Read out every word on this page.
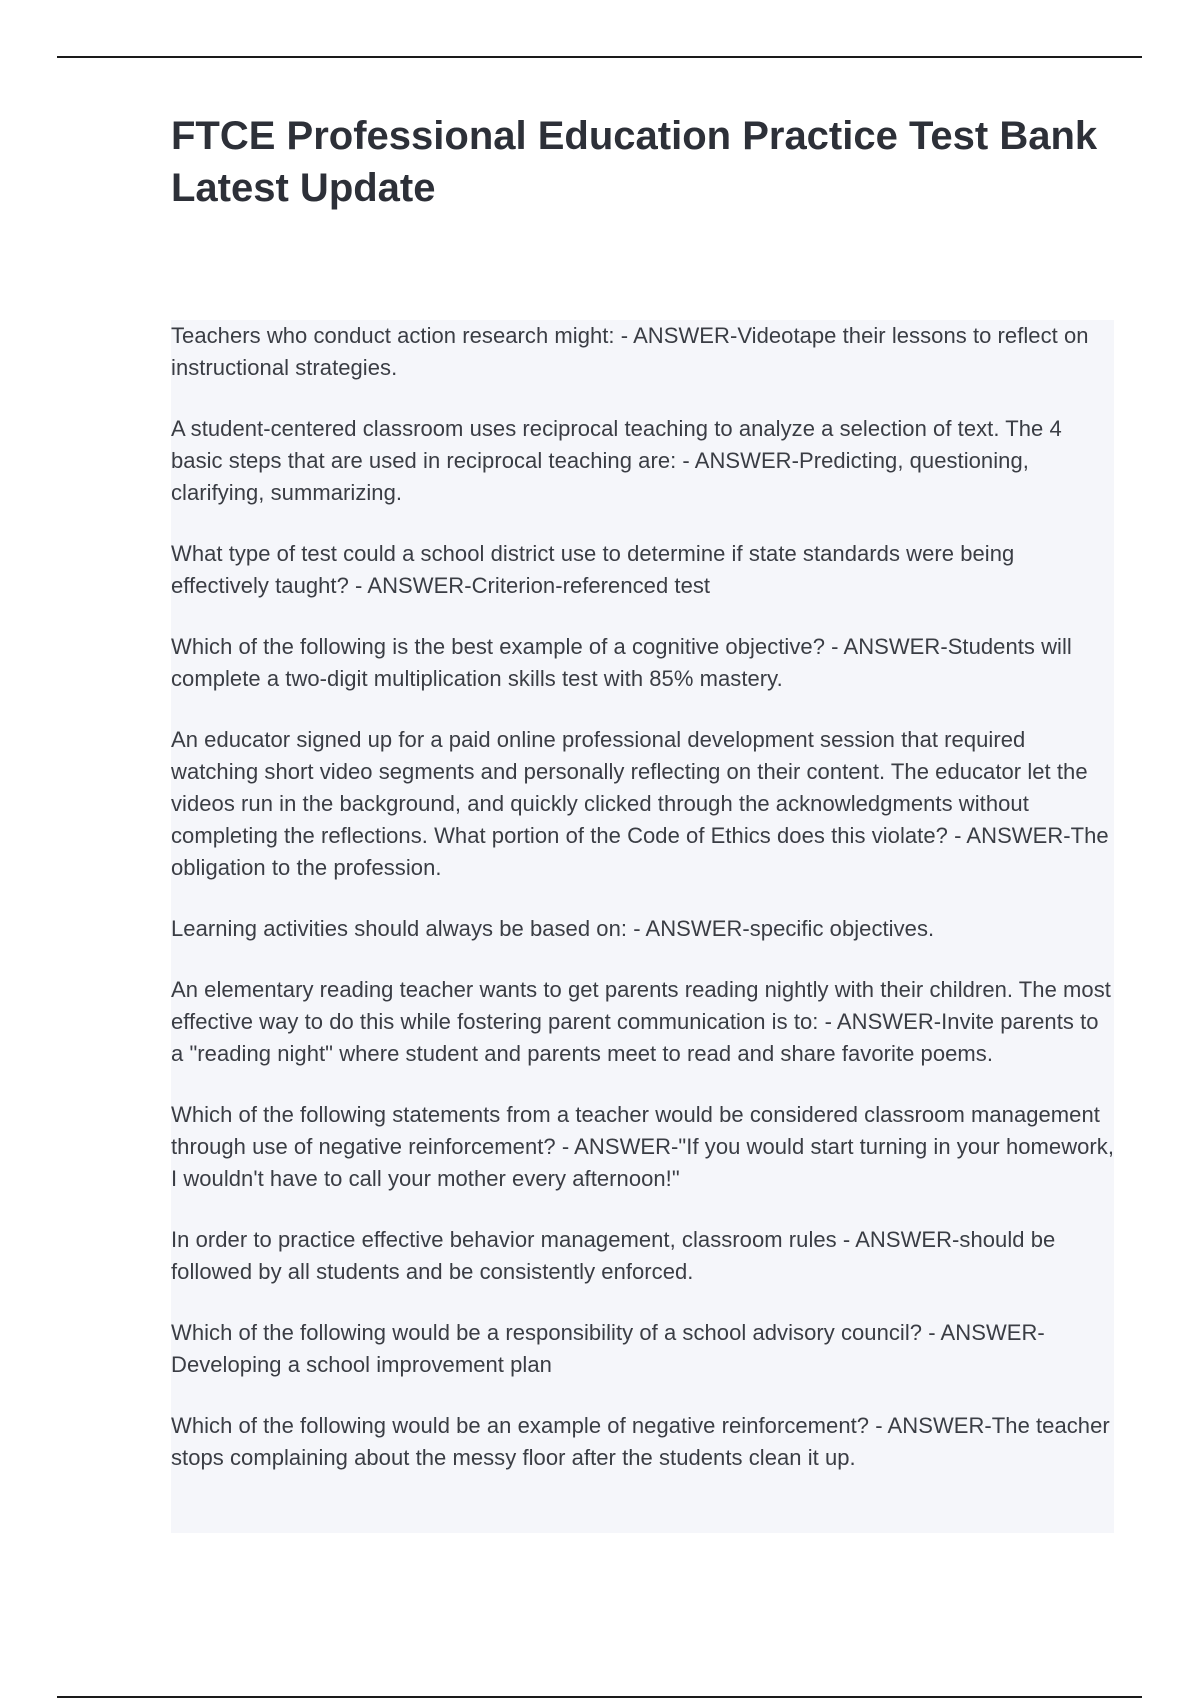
FTCE Professional Education Practice Test Bank Latest Update

Teachers who conduct action research might: - ANSWER-Videotape their lessons to reflect on instructional strategies.

A student-centered classroom uses reciprocal teaching to analyze a selection of text. The 4 basic steps that are used in reciprocal teaching are: - ANSWER-Predicting, questioning, clarifying, summarizing.

What type of test could a school district use to determine if state standards were being effectively taught? - ANSWER-Criterion-referenced test

Which of the following is the best example of a cognitive objective? - ANSWER-Students will complete a two-digit multiplication skills test with 85% mastery.

An educator signed up for a paid online professional development session that required watching short video segments and personally reflecting on their content. The educator let the videos run in the background, and quickly clicked through the acknowledgments without completing the reflections. What portion of the Code of Ethics does this violate? - ANSWER-The obligation to the profession.

Learning activities should always be based on: - ANSWER-specific objectives.

An elementary reading teacher wants to get parents reading nightly with their children. The most effective way to do this while fostering parent communication is to: - ANSWER-Invite parents to a "reading night" where student and parents meet to read and share favorite poems.

Which of the following statements from a teacher would be considered classroom management through use of negative reinforcement? - ANSWER-"If you would start turning in your homework, I wouldn't have to call your mother every afternoon!"

In order to practice effective behavior management, classroom rules - ANSWER-should be followed by all students and be consistently enforced.

Which of the following would be a responsibility of a school advisory council? - ANSWER-Developing a school improvement plan

Which of the following would be an example of negative reinforcement? - ANSWER-The teacher stops complaining about the messy floor after the students clean it up.
